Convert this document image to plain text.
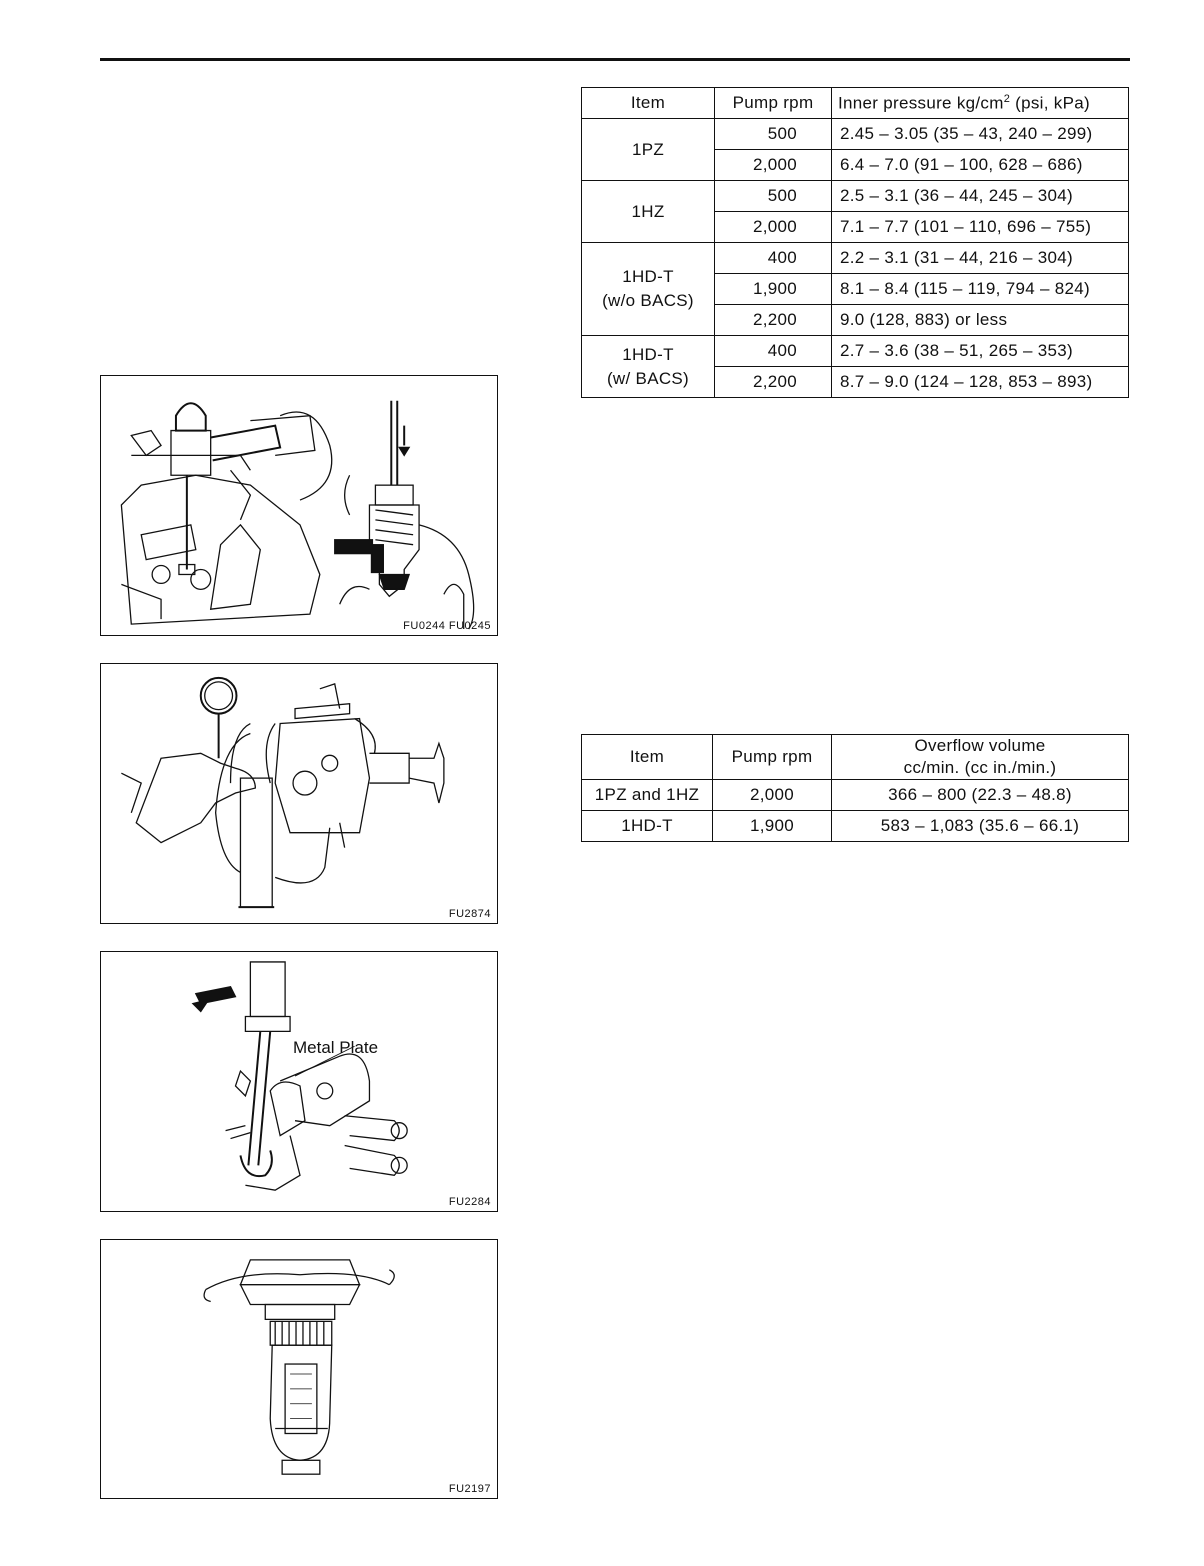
FU0244 FU0245
FU2874
Metal Plate
FU2284
FU2197
Item	Pump rpm	Inner pressure $kg/cm^2$ (psi, kPa)
1PZ	500	2.45 – 3.05 (35 – 43, 240 – 299)
	2,000	6.4 – 7.0 (91 – 100, 628 – 686)
1HZ	500	2.5 – 3.1 (36 – 44, 245 – 304)
	2,000	7.1 – 7.7 (101 – 110, 696 – 755)

1HD-T
(w/o BACS)	400	2.2 – 3.1 (31 – 44, 216 – 304)
	1,900	8.1 – 8.4 (115 – 119, 794 – 824)
	2,200	9.0 (128, 883) or less

1HD-T
(w/ BACS)	400	2.7 – 3.6 (38 – 51, 265 – 353)
	2,200	8.7 – 9.0 (124 – 128, 853 – 893)
Item	Pump rpm	Overflow volume
cc/min. (cc in./min.)

1PZ and 1HZ	2,000	366 – 800 (22.3 – 48.8)
1HD-T	1,900	583 – 1,083 (35.6 – 66.1)
